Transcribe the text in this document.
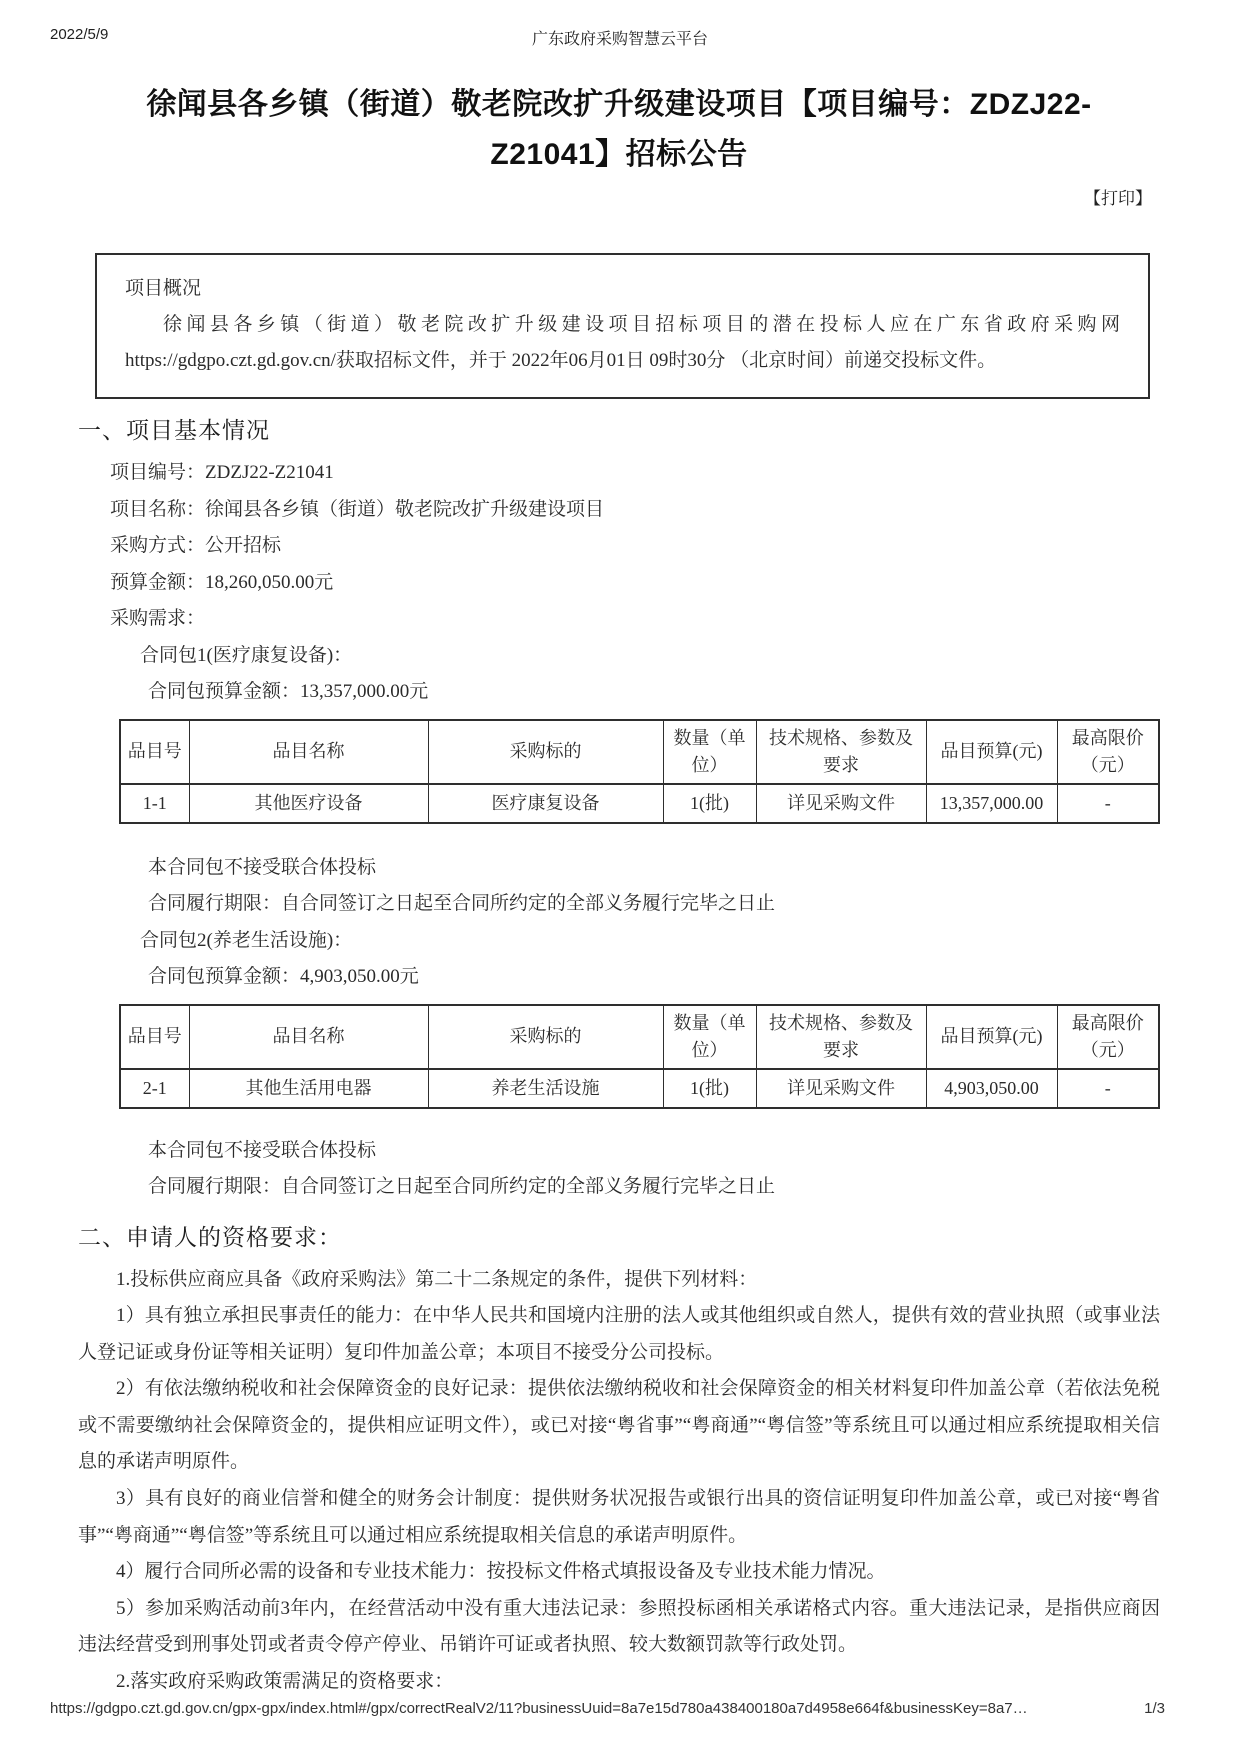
2022/5/9	广东政府采购智慧云平台
徐闻县各乡镇（街道）敬老院改扩升级建设项目【项目编号：ZDZJ22-
Z21041】招标公告
【打印】

项目概况

徐闻县各乡镇（街道）敬老院改扩升级建设项目招标项目的潜在投标人应在广东省政府采购网https://gdgpo.czt.gd.gov.cn/获取招标文件，并于 2022年06月01日 09时30分 （北京时间）前递交投标文件。

一、项目基本情况
项目编号：ZDZJ22-Z21041
项目名称：徐闻县各乡镇（街道）敬老院改扩升级建设项目
采购方式：公开招标
预算金额：18,260,050.00元
采购需求：
合同包1(医疗康复设备)：
合同包预算金额：13,357,000.00元
品目号	品目名称	采购标的	数量（单位）	技术规格、参数及要求	品目预算(元)	最高限价（元）
1-1	其他医疗设备	医疗康复设备	1(批)	详见采购文件	13,357,000.00	-
本合同包不接受联合体投标
合同履行期限：自合同签订之日起至合同所约定的全部义务履行完毕之日止
合同包2(养老生活设施)：
合同包预算金额：4,903,050.00元
品目号	品目名称	采购标的	数量（单位）	技术规格、参数及要求	品目预算(元)	最高限价（元）
2-1	其他生活用电器	养老生活设施	1(批)	详见采购文件	4,903,050.00	-
本合同包不接受联合体投标
合同履行期限：自合同签订之日起至合同所约定的全部义务履行完毕之日止
二、申请人的资格要求：

1.投标供应商应具备《政府采购法》第二十二条规定的条件，提供下列材料：

1）具有独立承担民事责任的能力：在中华人民共和国境内注册的法人或其他组织或自然人，提供有效的营业执照（或事业法人登记证或身份证等相关证明）复印件加盖公章；本项目不接受分公司投标。

2）有依法缴纳税收和社会保障资金的良好记录：提供依法缴纳税收和社会保障资金的相关材料复印件加盖公章（若依法免税或不需要缴纳社会保障资金的，提供相应证明文件），或已对接“粤省事”“粤商通”“粤信签”等系统且可以通过相应系统提取相关信息的承诺声明原件。

3）具有良好的商业信誉和健全的财务会计制度：提供财务状况报告或银行出具的资信证明复印件加盖公章，或已对接“粤省事”“粤商通”“粤信签”等系统且可以通过相应系统提取相关信息的承诺声明原件。

4）履行合同所必需的设备和专业技术能力：按投标文件格式填报设备及专业技术能力情况。

5）参加采购活动前3年内，在经营活动中没有重大违法记录：参照投标函相关承诺格式内容。重大违法记录，是指供应商因违法经营受到刑事处罚或者责令停产停业、吊销许可证或者执照、较大数额罚款等行政处罚。

2.落实政府采购政策需满足的资格要求：

https://gdgpo.czt.gd.gov.cn/gpx-gpx/index.html#/gpx/correctRealV2/11?businessUuid=8a7e15d780a438400180a7d4958e664f&businessKey=8a7…	1/3
